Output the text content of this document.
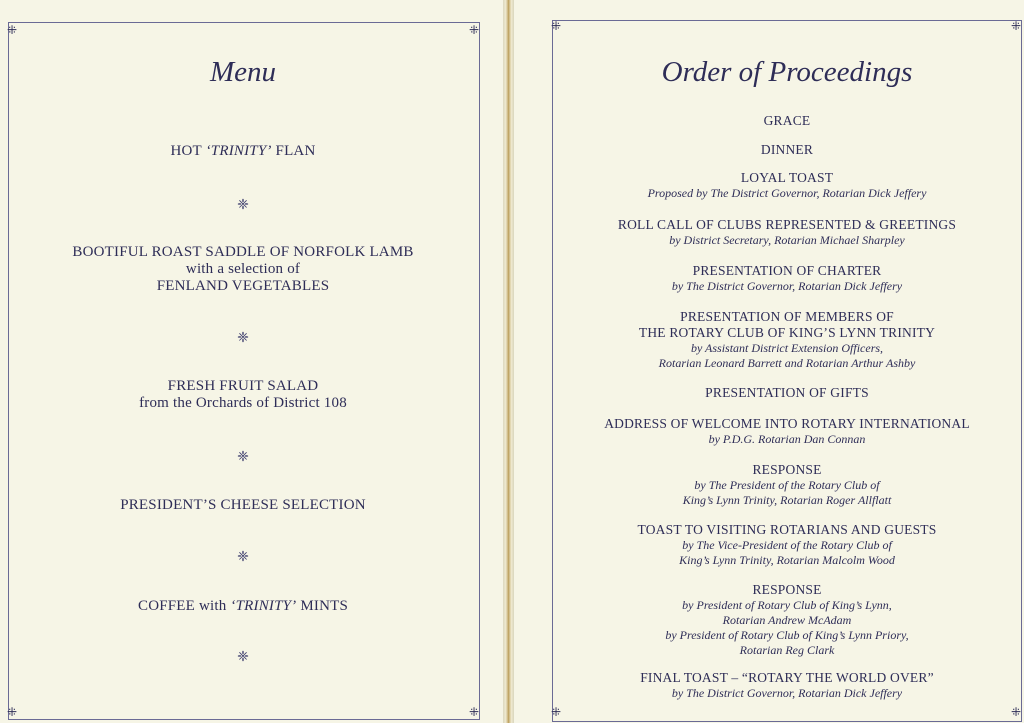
⁜	⁜
⁜	⁜
⁜	⁜
⁜	⁜
Menu
HOT ‘TRINITY’ FLAN
❈
BOOTIFUL ROAST SADDLE OF NORFOLK LAMB
with a selection of
FENLAND VEGETABLES
❈
FRESH FRUIT SALAD
from the Orchards of District 108
❈
PRESIDENT’S CHEESE SELECTION
❈
COFFEE with ‘TRINITY’ MINTS
❈
Order of Proceedings
GRACE
DINNER
LOYAL TOAST
Proposed by The District Governor, Rotarian Dick Jeffery
ROLL CALL OF CLUBS REPRESENTED & GREETINGS
by District Secretary, Rotarian Michael Sharpley
PRESENTATION OF CHARTER
by The District Governor, Rotarian Dick Jeffery
PRESENTATION OF MEMBERS OF
THE ROTARY CLUB OF KING’S LYNN TRINITY
by Assistant District Extension Officers,
Rotarian Leonard Barrett and Rotarian Arthur Ashby
PRESENTATION OF GIFTS
ADDRESS OF WELCOME INTO ROTARY INTERNATIONAL
by P.D.G. Rotarian Dan Connan
RESPONSE
by The President of the Rotary Club of
King’s Lynn Trinity, Rotarian Roger Allflatt
TOAST TO VISITING ROTARIANS AND GUESTS
by The Vice-President of the Rotary Club of
King’s Lynn Trinity, Rotarian Malcolm Wood
RESPONSE
by President of Rotary Club of King’s Lynn,
Rotarian Andrew McAdam
by President of Rotary Club of King’s Lynn Priory,
Rotarian Reg Clark
FINAL TOAST – “ROTARY THE WORLD OVER”
by The District Governor, Rotarian Dick Jeffery
